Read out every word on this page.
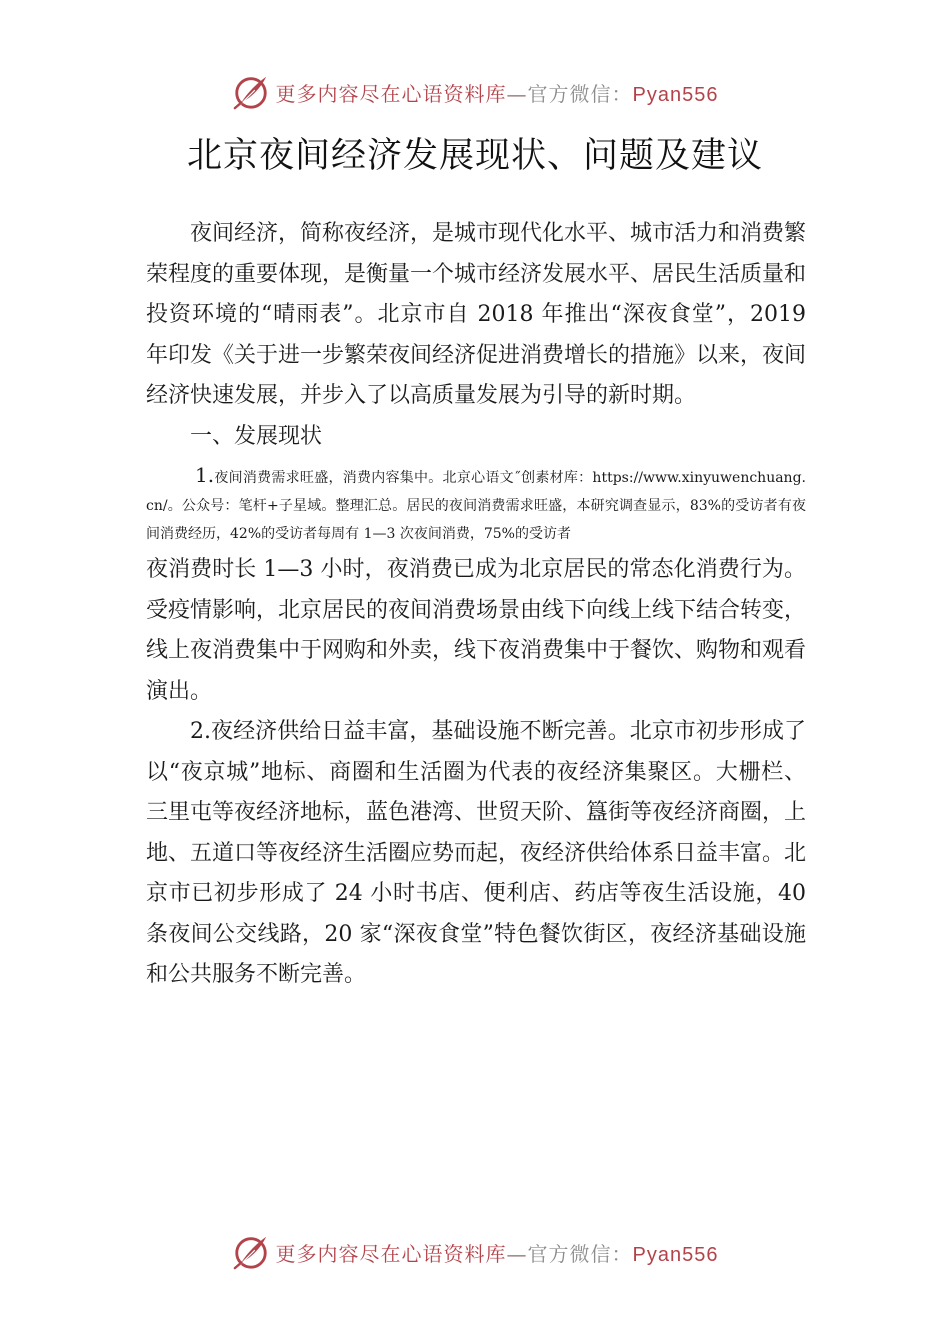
更多内容尽在心语资料库—官方微信：Pyan556
北京夜间经济发展现状、问题及建议

夜间经济，简称夜经济，是城市现代化水平、城市活力和消费繁荣程度的重要体现，是衡量一个城市经济发展水平、居民生活质量和投资环境的“晴雨表”。北京市自 2018 年推出“深夜食堂”，2019 年印发《关于进一步繁荣夜间经济促进消费增长的措施》以来，夜间经济快速发展，并步入了以高质量发展为引导的新时期。

一、发展现状

1.夜间消费需求旺盛，消费内容集中。北京心语文˝创素材库：https://www.xinyuwenchuang.cn/。公众号：笔杆+子星域。整理汇总。居民的夜间消费需求旺盛，本研究调查显示，83%的受访者有夜间消费经历，42%的受访者每周有 1—3 次夜间消费，75%的受访者

夜消费时长 1—3 小时，夜消费已成为北京居民的常态化消费行为。受疫情影响，北京居民的夜间消费场景由线下向线上线下结合转变，线上夜消费集中于网购和外卖，线下夜消费集中于餐饮、购物和观看演出。

2.夜经济供给日益丰富，基础设施不断完善。北京市初步形成了以“夜京城”地标、商圈和生活圈为代表的夜经济集聚区。大栅栏、三里屯等夜经济地标，蓝色港湾、世贸天阶、簋街等夜经济商圈，上地、五道口等夜经济生活圈应势而起，夜经济供给体系日益丰富。北京市已初步形成了 24 小时书店、便利店、药店等夜生活设施，40 条夜间公交线路，20 家“深夜食堂”特色餐饮街区，夜经济基础设施和公共服务不断完善。

更多内容尽在心语资料库—官方微信：Pyan556
